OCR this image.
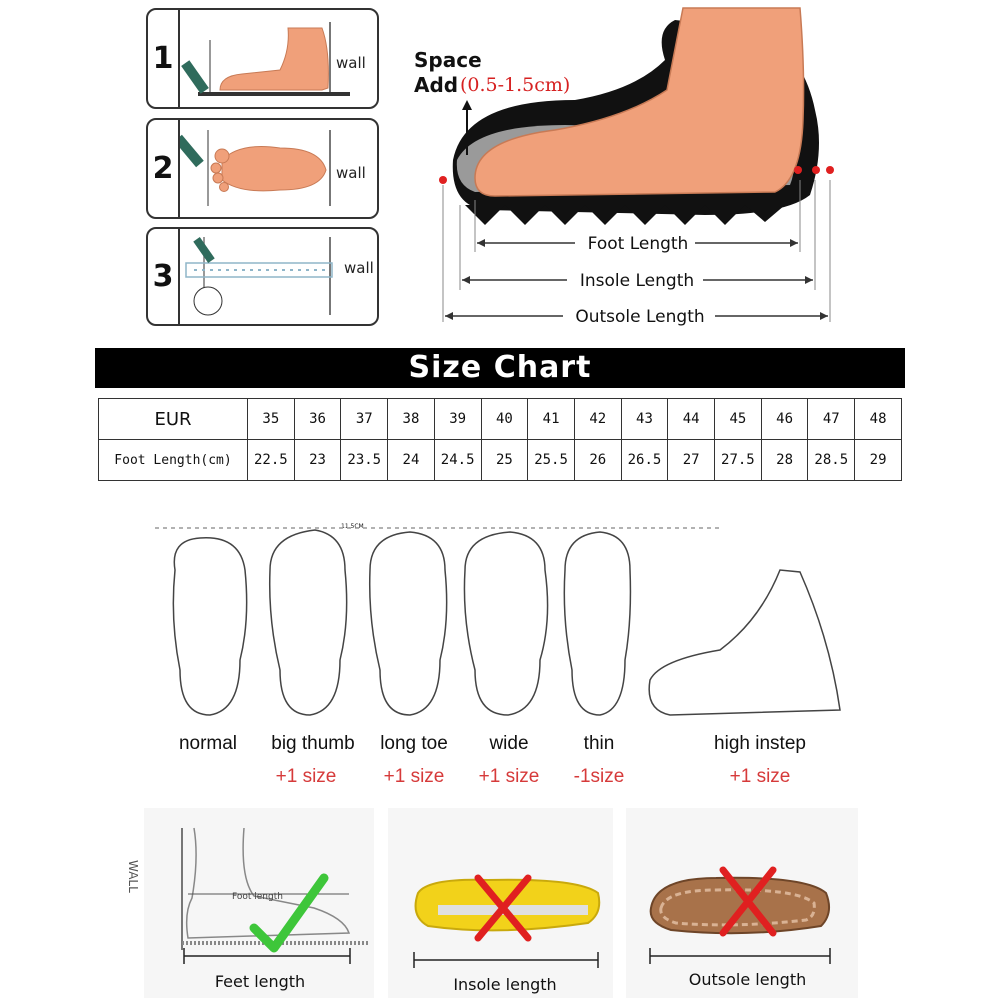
1	wall
2	wall
3
11.5CM
wall
Foot Length
Insole Length
Outsole Length
Space
Add (0.5-1.5cm)
Size Chart
EUR	35	36	37	38	39	40	41	42	43	44	45	46	47	48
Foot Length(cm)	22.5	23	23.5	24	24.5	25	25.5	26	26.5	27	27.5	28	28.5	29
normal	big thumb
+1 size
long toe
+1 size
wide
+1 size
thin
-1size
high instep
+1 size
WALL
Foot length
Feet length	Insole length	Outsole length
